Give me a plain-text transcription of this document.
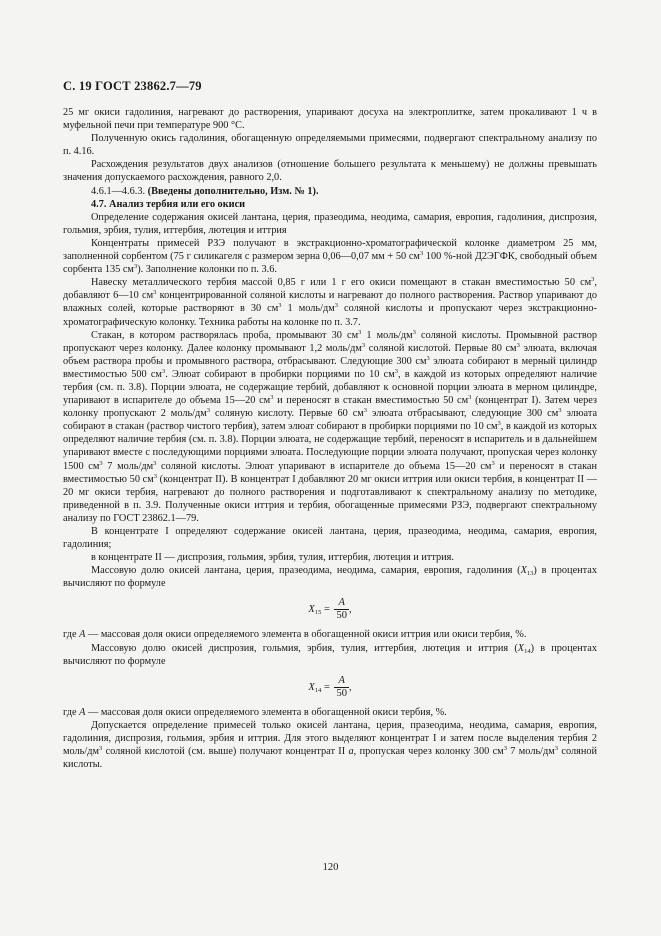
С. 19 ГОСТ 23862.7—79

25 мг окиси гадолиния, нагревают до растворения, упаривают досуха на электроплитке, затем прокаливают 1 ч в муфельной печи при температуре 900 °С.

Полученную окись гадолиния, обогащенную определяемыми примесями, подвергают спектральному анализу по п. 4.16.

Расхождения результатов двух анализов (отношение большего результата к меньшему) не должны превышать значения допускаемого расхождения, равного 2,0.

4.6.1—4.6.3. (Введены дополнительно, Изм. № 1).

4.7. Анализ тербия или его окиси

Определение содержания окисей лантана, церия, празеодима, неодима, самария, европия, гадолиния, диспрозия, гольмия, эрбия, тулия, иттербия, лютеция и иттрия

Концентраты примесей РЗЭ получают в экстракционно-хроматографической колонке диаметром 25 мм, заполненной сорбентом (75 г силикагеля с размером зерна 0,06—0,07 мм + 50 $см^3$ 100 %-ной Д2ЭГФК, свободный объем сорбента 135 $см^3$). Заполнение колонки по п. 3.6.

Навеску металлического тербия массой 0,85 г или 1 г его окиси помещают в стакан вместимостью 50 $см^3$, добавляют 6—10 $см^3$ концентрированной соляной кислоты и нагревают до полного растворения. Раствор упаривают до влажных солей, которые растворяют в 30 $см^3$ 1 моль/$дм^3$ соляной кислоты и пропускают через экстракционно-хроматографическую колонку. Техника работы на колонке по п. 3.7.

Стакан, в котором растворялась проба, промывают 30 $см^3$ 1 моль/$дм^3$ соляной кислоты. Промывной раствор пропускают через колонку. Далее колонку промывают 1,2 моль/$дм^3$ соляной кислотой. Первые 80 $см^3$ элюата, включая объем раствора пробы и промывного раствора, отбрасывают. Следующие 300 $см^3$ элюата собирают в мерный цилиндр вместимостью 500 $см^3$. Элюат собирают в пробирки порциями по 10 $см^3$, в каждой из которых определяют наличие тербия (см. п. 3.8). Порции элюата, не содержащие тербий, добавляют к основной порции элюата в мерном цилиндре, упаривают в испарителе до объема 15—20 $см^3$ и переносят в стакан вместимостью 50 $см^3$ (концентрат I). Затем через колонку пропускают 2 моль/$дм^3$ соляную кислоту. Первые 60 $см^3$ элюата отбрасывают, следующие 300 $см^3$ элюата собирают в стакан (раствор чистого тербия), затем элюат собирают в пробирки порциями по 10 $см^3$, в каждой из которых определяют наличие тербия (см. п. 3.8). Порции элюата, не содержащие тербий, переносят в испаритель и в дальнейшем упаривают вместе с последующими порциями элюата. Последующие порции элюата получают, пропуская через колонку 1500 $см^3$ 7 моль/$дм^3$ соляной кислоты. Элюат упаривают в испарителе до объема 15—20 $см^3$ и переносят в стакан вместимостью 50 $см^3$ (концентрат II). В концентрат I добавляют 20 мг окиси иттрия или окиси тербия, в концентрат II — 20 мг окиси тербия, нагревают до полного растворения и подготавливают к спектральному анализу по методике, приведенной в п. 3.9. Полученные окиси иттрия и тербия, обогащенные примесями РЗЭ, подвергают спектральному анализу по ГОСТ 23862.1—79.

В концентрате I определяют содержание окисей лантана, церия, празеодима, неодима, самария, европия, гадолиния;

в концентрате II — диспрозия, гольмия, эрбия, тулия, иттербия, лютеция и иттрия.

Массовую долю окисей лантана, церия, празеодима, неодима, самария, европия, гадолиния $(X_{13})$ в процентах вычисляют по формуле

$X_{15} = \frac{A}{50}$ ,

где A — массовая доля окиси определяемого элемента в обогащенной окиси иттрия или окиси тербия, %.

Массовую долю окисей диспрозия, гольмия, эрбия, тулия, иттербия, лютеция и иттрия $(X_{14})$ в процентах вычисляют по формуле

$X_{14} = \frac{A}{50}$ ,

где A — массовая доля окиси определяемого элемента в обогащенной окиси тербия, %.

Допускается определение примесей только окисей лантана, церия, празеодима, неодима, самария, европия, гадолиния, диспрозия, гольмия, эрбия и иттрия. Для этого выделяют концентрат I и затем после выделения тербия 2 моль/$дм^3$ соляной кислотой (см. выше) получают концентрат II а, пропуская через колонку 300 $см^3$ 7 моль/$дм^3$ соляной кислоты.

120
